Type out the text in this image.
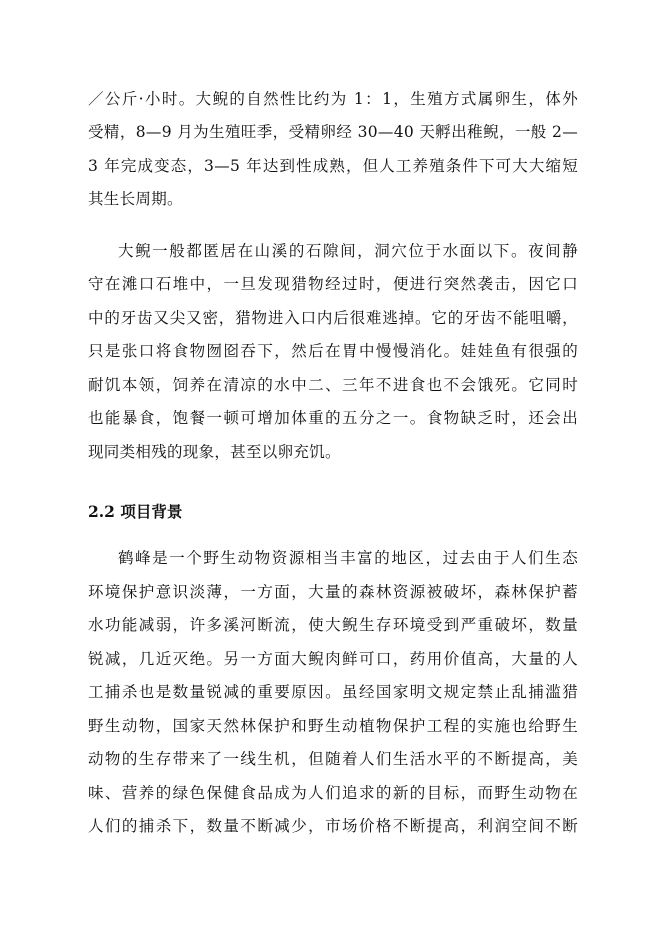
／公斤·小时。大鲵的自然性比约为 1：1，生殖方式属卵生，体外
受精，8—9 月为生殖旺季，受精卵经 30—40 天孵出稚鲵，一般 2—
3 年完成变态，3—5 年达到性成熟，但人工养殖条件下可大大缩短
其生长周期。
大鲵一般都匿居在山溪的石隙间，洞穴位于水面以下。夜间静
守在滩口石堆中，一旦发现猎物经过时，便进行突然袭击，因它口
中的牙齿又尖又密，猎物进入口内后很难逃掉。它的牙齿不能咀嚼，
只是张口将食物囫囵吞下，然后在胃中慢慢消化。娃娃鱼有很强的
耐饥本领，饲养在清凉的水中二、三年不进食也不会饿死。它同时
也能暴食，饱餐一顿可增加体重的五分之一。食物缺乏时，还会出
现同类相残的现象，甚至以卵充饥。
2.2 项目背景
鹤峰是一个野生动物资源相当丰富的地区，过去由于人们生态
环境保护意识淡薄，一方面，大量的森林资源被破坏，森林保护蓄
水功能减弱，许多溪河断流，使大鲵生存环境受到严重破坏，数量
锐减，几近灭绝。另一方面大鲵肉鲜可口，药用价值高，大量的人
工捕杀也是数量锐减的重要原因。虽经国家明文规定禁止乱捕滥猎
野生动物，国家天然林保护和野生动植物保护工程的实施也给野生
动物的生存带来了一线生机，但随着人们生活水平的不断提高，美
味、营养的绿色保健食品成为人们追求的新的目标，而野生动物在
人们的捕杀下，数量不断减少，市场价格不断提高，利润空间不断
